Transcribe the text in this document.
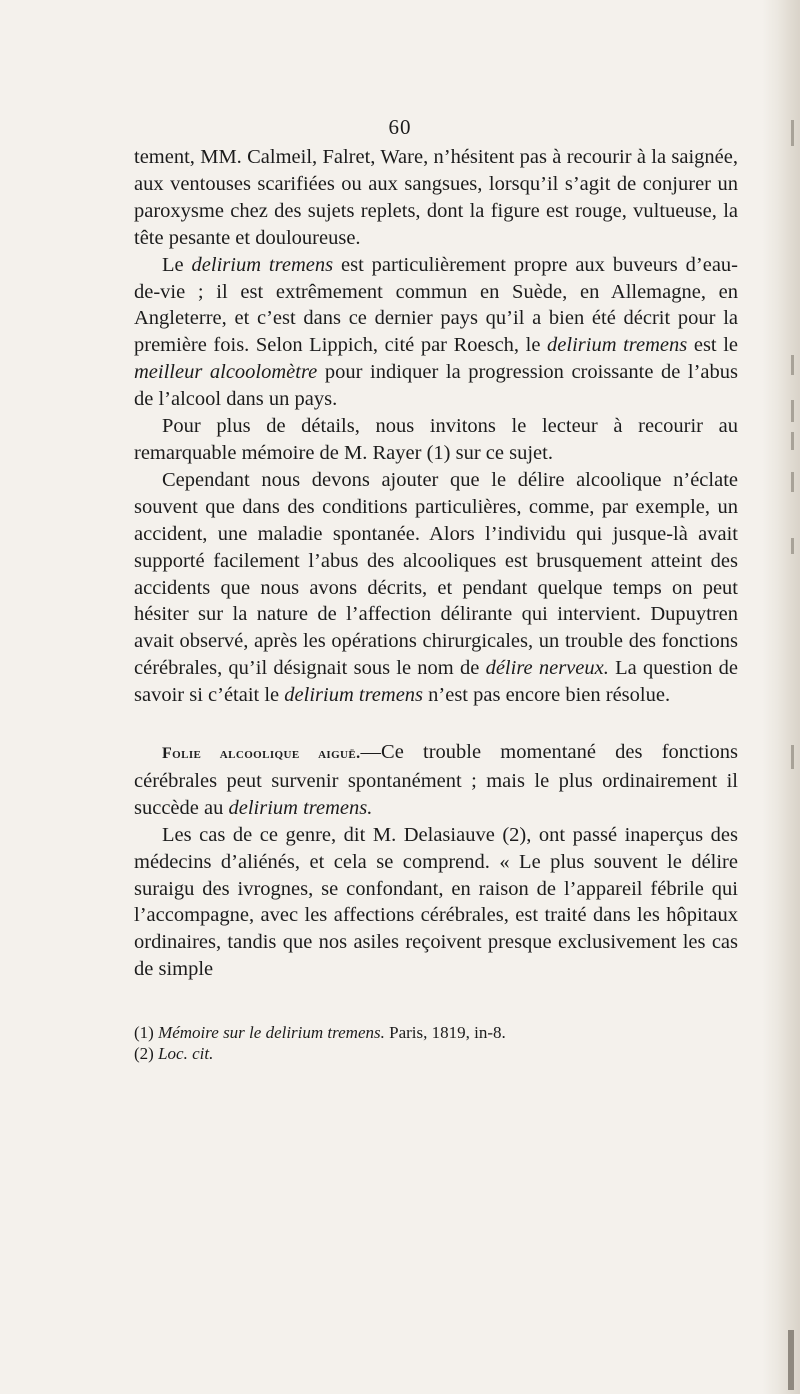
60

tement, MM. Calmeil, Falret, Ware, n’hésitent pas à recourir à la saignée, aux ventouses scarifiées ou aux sangsues, lorsqu’il s’agit de conjurer un paroxysme chez des sujets replets, dont la figure est rouge, vultueuse, la tête pesante et douloureuse.

Le delirium tremens est particulièrement propre aux buveurs d’eau-de-vie ; il est extrêmement commun en Suède, en Allemagne, en Angleterre, et c’est dans ce dernier pays qu’il a bien été décrit pour la première fois. Selon Lippich, cité par Roesch, le delirium tremens est le meilleur alcoolomètre pour indiquer la progression croissante de l’abus de l’alcool dans un pays.

Pour plus de détails, nous invitons le lecteur à recourir au remarquable mémoire de M. Rayer (1) sur ce sujet.

Cependant nous devons ajouter que le délire alcoolique n’éclate souvent que dans des conditions particulières, comme, par exemple, un accident, une maladie spontanée. Alors l’individu qui jusque-là avait supporté facilement l’abus des alcooliques est brusquement atteint des accidents que nous avons décrits, et pendant quelque temps on peut hésiter sur la nature de l’affection délirante qui intervient. Dupuytren avait observé, après les opérations chirurgicales, un trouble des fonctions cérébrales, qu’il désignait sous le nom de délire nerveux. La question de savoir si c’était le delirium tremens n’est pas encore bien résolue.

Folie alcoolique aiguë.—Ce trouble momentané des fonctions cérébrales peut survenir spontanément ; mais le plus ordinairement il succède au delirium tremens.

Les cas de ce genre, dit M. Delasiauve (2), ont passé inaperçus des médecins d’aliénés, et cela se comprend. « Le plus souvent le délire suraigu des ivrognes, se confondant, en raison de l’appareil fébrile qui l’accompagne, avec les affections cérébrales, est traité dans les hôpitaux ordinaires, tandis que nos asiles reçoivent presque exclusivement les cas de simple

(1) Mémoire sur le delirium tremens. Paris, 1819, in-8.

(2) Loc. cit.
